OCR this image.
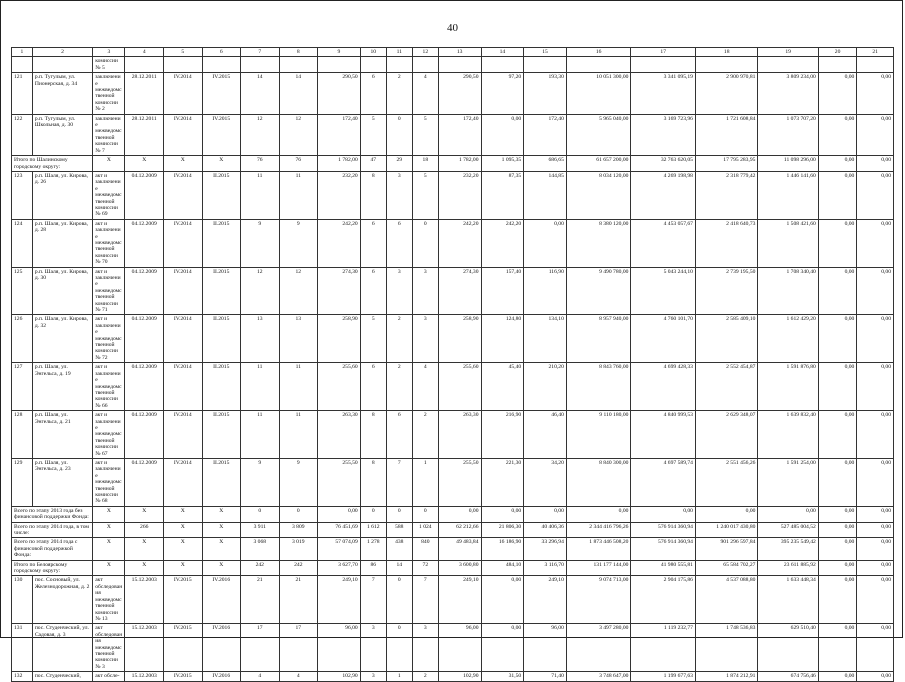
40
1	2	3	4	5	6	7	8	9	10	11	12	13	14	15	16	17	18	19	20	21
		комиссии № 5																		
121	р.п. Тугулым, ул. Пионерская, д. 34	заключение межведомственной комиссии № 2	28.12.2011	IV.2014	IV.2015	14	14	290,50	6	2	4	290,50	97,20	193,30	10 051 300,00	3 341 095,19	2 900 970,81	3 809 234,00	0,00	0,00
122	р.п. Тугулым, ул. Школьная, д. 30	заключение межведомственной комиссии № 7	28.12.2011	IV.2014	IV.2015	12	12	172,40	5	0	5	172,40	0,00	172,40	5 965 040,00	3 169 723,96	1 721 608,84	1 073 707,20	0,00	0,00
Итого по Шалинскому городскому округу:		X	X	X	X	76	76	1 782,00	47	29	18	1 782,00	1 095,35	686,65	61 657 200,00	32 763 620,05	17 795 283,95	11 098 296,00	0,00	0,00
123	р.п. Шаля, ул. Кирова, д. 26	акт и заключение межведомственной комиссии № 69	04.12.2009	IV.2014	II.2015	11	11	232,20	8	3	5	232,20	87,35	144,85	8 034 120,00	4 269 198,98	2 318 779,42	1 446 141,60	0,00	0,00
124	р.п. Шаля, ул. Кирова, д. 28	акт и заключение межведомственной комиссии № 70	04.12.2009	IV.2014	II.2015	9	9	242,20	6	6	0	242,20	242,20	0,00	8 380 120,00	4 453 057,67	2 418 640,73	1 508 421,60	0,00	0,00
125	р.п. Шаля, ул. Кирова, д. 30	акт и заключение межведомственной комиссии № 71	04.12.2009	IV.2014	II.2015	12	12	274,30	6	3	3	274,30	157,40	116,90	9 490 780,00	5 043 244,10	2 739 195,50	1 708 340,40	0,00	0,00
126	р.п. Шаля, ул. Кирова, д. 32	акт и заключение межведомственной комиссии № 72	04.12.2009	IV.2014	II.2015	13	13	258,90	5	2	3	258,90	124,80	134,10	8 957 940,00	4 760 101,70	2 585 409,10	1 612 429,20	0,00	0,00
127	р.п. Шаля, ул. Энгельса, д. 19	акт и заключение межведомственной комиссии № 66	04.12.2009	IV.2014	II.2015	11	11	255,60	6	2	4	255,60	45,40	210,20	8 843 760,00	4 699 428,33	2 552 454,87	1 591 876,80	0,00	0,00
128	р.п. Шаля, ул. Энгельса, д. 21	акт и заключение межведомственной комиссии № 67	04.12.2009	IV.2014	II.2015	11	11	263,30	8	6	2	263,30	216,90	46,40	9 110 180,00	4 840 999,53	2 629 348,07	1 639 832,40	0,00	0,00
129	р.п. Шаля, ул. Энгельса, д. 23	акт и заключение межведомственной комиссии № 68	04.12.2009	IV.2014	II.2015	9	9	255,50	8	7	1	255,50	221,30	34,20	8 840 300,00	4 697 589,74	2 551 456,26	1 591 254,00	0,00	0,00
Всего по этапу 2013 года без финансовой поддержки Фонда:		X	X	X	X	0	0	0,00	0	0	0	0,00	0,00	0,00	0,00	0,00	0,00	0,00	0,00	0,00
Всего по этапу 2014 года, в том числе:		X	266	X	X	3 911	3 809	76 451,69	1 612	588	1 024	62 212,66	21 806,30	40 406,36	2 344 416 796,26	576 914 360,94	1 240 017 430,80	527 485 004,52	0,00	0,00
Всего по этапу 2014 года с финансовой поддержкой Фонда:		X	X	X	X	3 068	3 019	57 074,09	1 278	438	840	49 483,84	16 186,90	33 296,94	1 873 446 508,20	576 914 360,94	901 296 597,84	395 235 549,42	0,00	0,00
Итого по Белоярскому городскому округу:		X	X	X	X	242	242	3 627,70	86	14	72	3 600,80	484,10	3 116,70	131 177 144,00	41 980 555,81	65 584 702,27	23 611 885,92	0,00	0,00
130	пос. Сосновый, ул. Железнодорожная, д. 2	акт обследования межведомственной комиссии № 13	15.12.2003	IV.2015	IV.2016	21	21	249,10	7	0	7	249,10	0,00	249,10	9 074 713,00	2 904 175,86	4 537 088,80	1 633 448,34	0,00	0,00
131	пос. Студенческий, ул. Садовая, д. 3	акт обследования межведомственной комиссии № 3	15.12.2003	IV.2015	IV.2016	17	17	96,00	3	0	3	96,00	0,00	96,00	3 497 280,00	1 119 232,77	1 748 536,83	629 510,40	0,00	0,00
132	пос. Студенческий,	акт обсле-	15.12.2003	IV.2015	IV.2016	4	4	102,90	3	1	2	102,90	31,50	71,40	3 748 647,00	1 199 677,63	1 874 212,91	674 756,46	0,00	0,00
